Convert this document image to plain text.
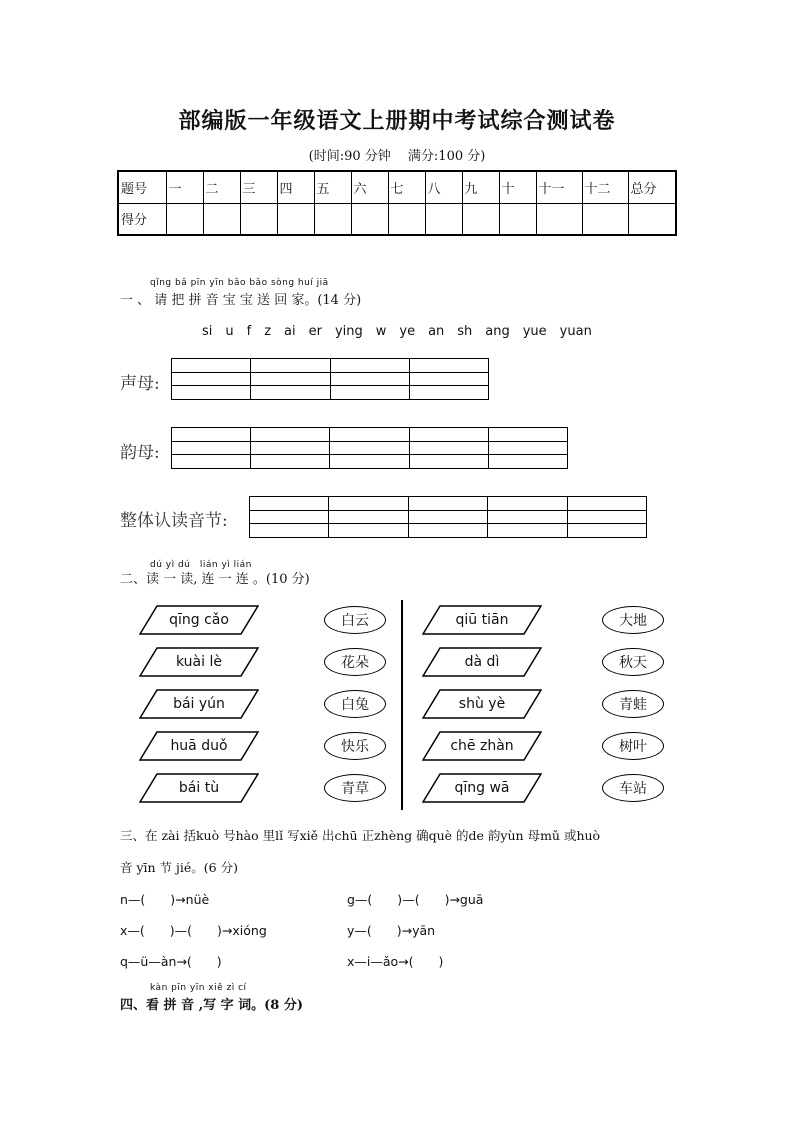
部编版一年级语文上册期中考试综合测试卷
(时间:90 分钟　 满分:100 分)
题号	一	二	三	四	五	六	七	八	九	十	十一	十二	总分
得分													
qǐng bǎ pīn yīn bǎo bǎo sòng huí jiā
一 、 请 把 拼 音 宝 宝 送 回 家。(14 分)
si　u　f　z　ai　er　ying　w　ye　an　sh　ang　yue　yuan
声母:

韵母:

整体认读音节:

dú yì dú　lián yì lián
二、读 一 读, 连 一 连 。(10 分)
qīng cǎo
kuài lè
bái yún
huā duǒ
bái tù
白云
花朵
白兔
快乐
青草
qiū tiān
dà dì
shù yè
chē zhàn
qīng wā
大地
秋天
青蛙
树叶
车站
三、在 zài 括kuò 号hào 里lǐ 写xiě 出chū 正zhèng 确què 的de 韵yùn 母mǔ 或huò
音 yīn 节 jié。(6 分)
n—(　　)→nüè	g—(　　)—(　　)→guā
x—(　　)—(　　)→xióng	y—(　　)→yān
q—ü—àn→(　　)	x—i—ǎo→(　　)
kàn pīn yīn xiě zì cí
四、看 拼 音 ,写 字 词。(8 分)
